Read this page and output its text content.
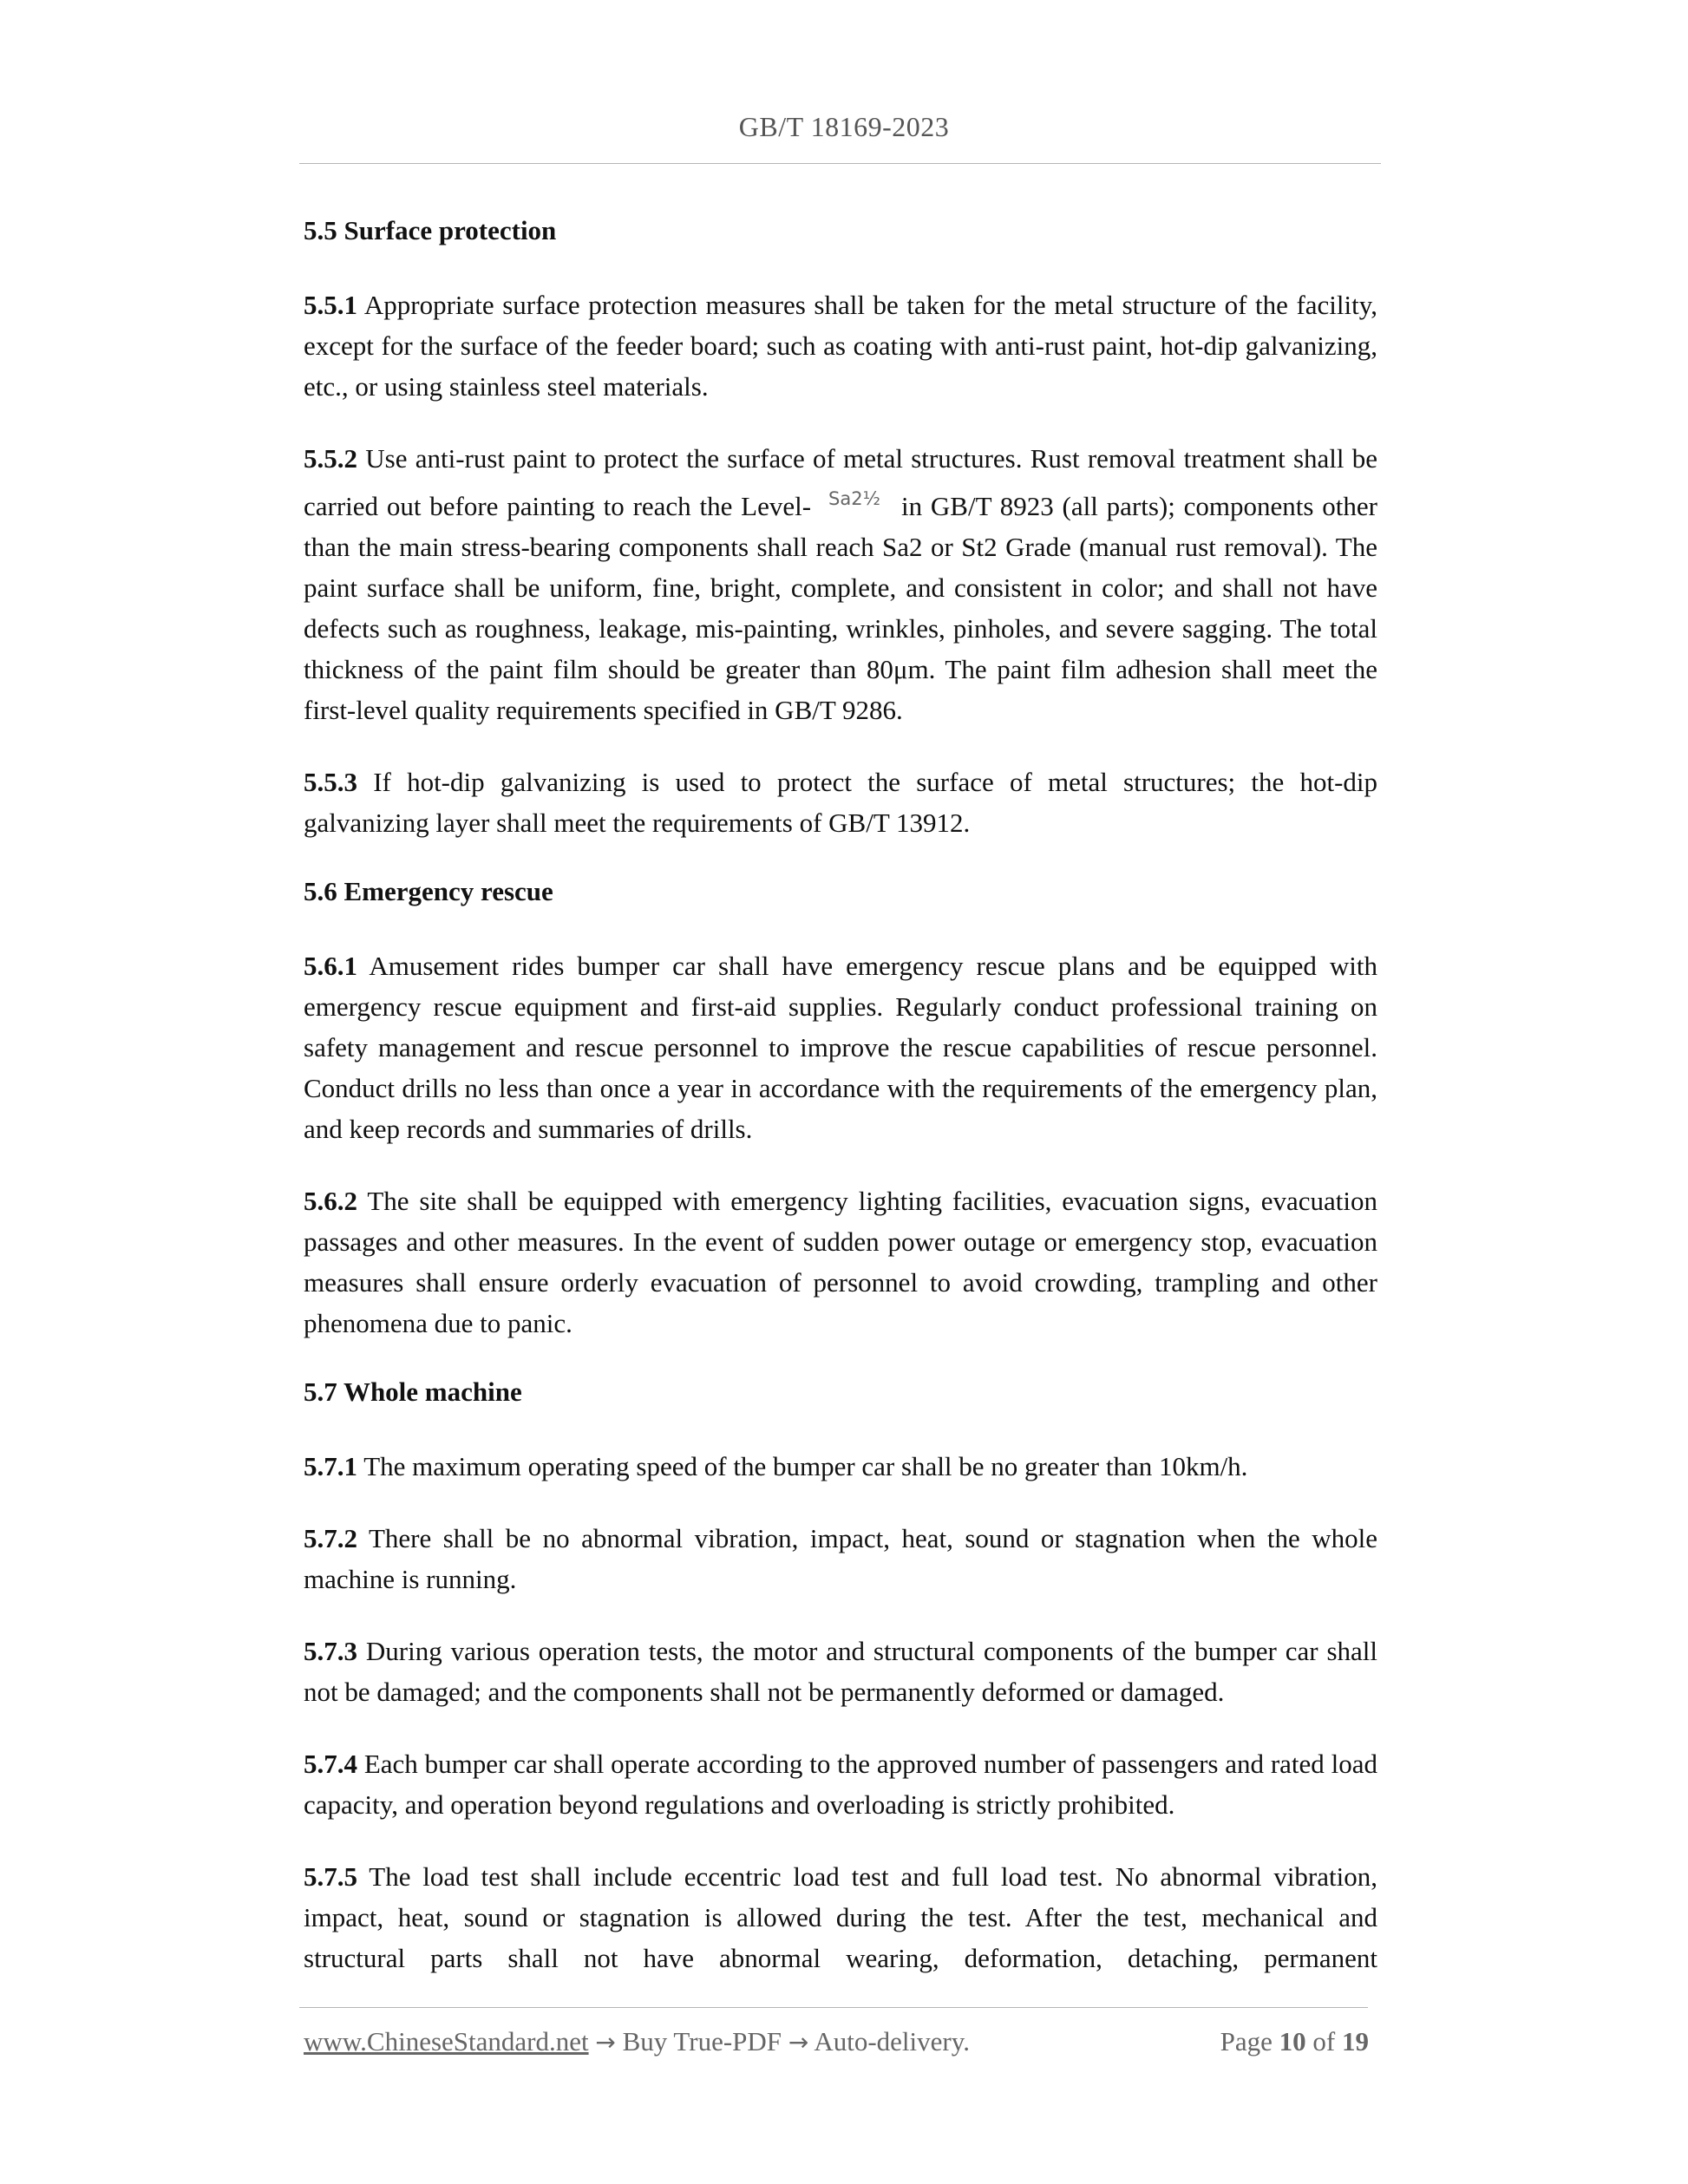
GB/T 18169-2023
5.5 Surface protection

5.5.1 Appropriate surface protection measures shall be taken for the metal structure of the facility, except for the surface of the feeder board; such as coating with anti-rust paint, hot-dip galvanizing, etc., or using stainless steel materials.

5.5.2 Use anti-rust paint to protect the surface of metal structures. Rust removal treatment shall be carried out before painting to reach the Level- Sa2½ in GB/T 8923 (all parts); components other than the main stress-bearing components shall reach Sa2 or St2 Grade (manual rust removal). The paint surface shall be uniform, fine, bright, complete, and consistent in color; and shall not have defects such as roughness, leakage, mis-painting, wrinkles, pinholes, and severe sagging. The total thickness of the paint film should be greater than 80μm. The paint film adhesion shall meet the first-level quality requirements specified in GB/T 9286.

5.5.3 If hot-dip galvanizing is used to protect the surface of metal structures; the hot-dip galvanizing layer shall meet the requirements of GB/T 13912.

5.6 Emergency rescue

5.6.1 Amusement rides bumper car shall have emergency rescue plans and be equipped with emergency rescue equipment and first-aid supplies. Regularly conduct professional training on safety management and rescue personnel to improve the rescue capabilities of rescue personnel. Conduct drills no less than once a year in accordance with the requirements of the emergency plan, and keep records and summaries of drills.

5.6.2 The site shall be equipped with emergency lighting facilities, evacuation signs, evacuation passages and other measures. In the event of sudden power outage or emergency stop, evacuation measures shall ensure orderly evacuation of personnel to avoid crowding, trampling and other phenomena due to panic.

5.7 Whole machine

5.7.1 The maximum operating speed of the bumper car shall be no greater than 10km/h.

5.7.2 There shall be no abnormal vibration, impact, heat, sound or stagnation when the whole machine is running.

5.7.3 During various operation tests, the motor and structural components of the bumper car shall not be damaged; and the components shall not be permanently deformed or damaged.

5.7.4 Each bumper car shall operate according to the approved number of passengers and rated load capacity, and operation beyond regulations and overloading is strictly prohibited.

5.7.5 The load test shall include eccentric load test and full load test. No abnormal vibration, impact, heat, sound or stagnation is allowed during the test. After the test, mechanical and structural parts shall not have abnormal wearing, deformation, detaching, permanent

www.ChineseStandard.net → Buy True-PDF → Auto-delivery.	Page 10 of 19
